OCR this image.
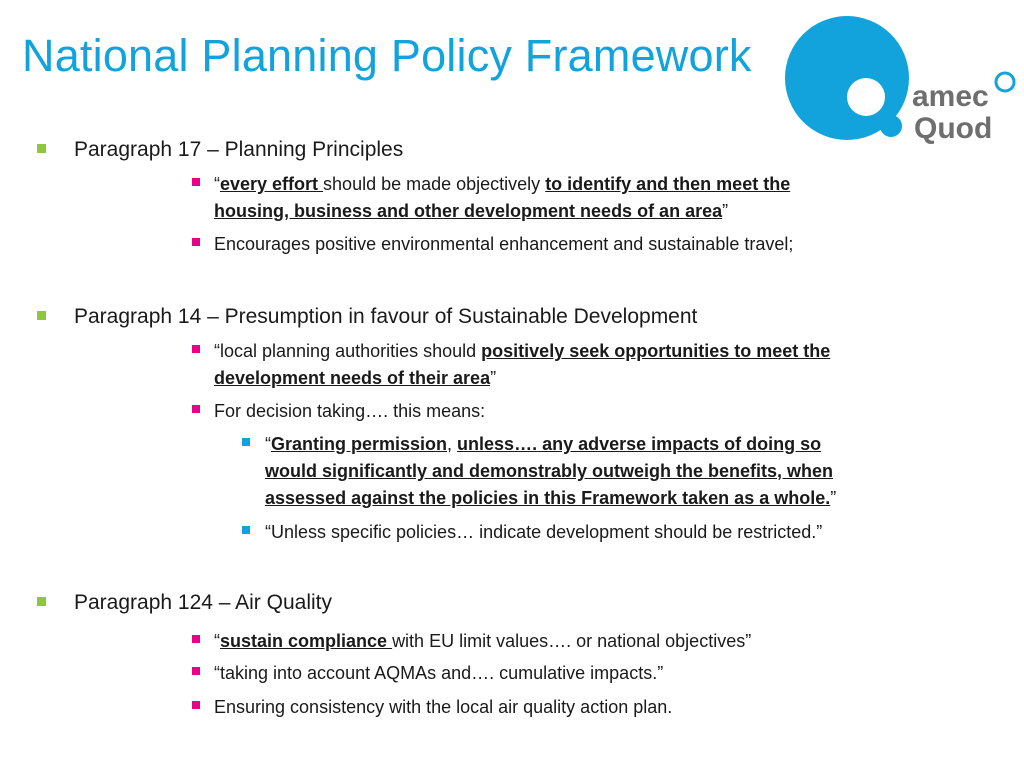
National Planning Policy Framework
amec
Quod
Paragraph 17 – Planning Principles
“every effort should be made objectively to identify and then meet the
housing, business and other development needs of an area”
Encourages positive environmental enhancement and sustainable travel;
Paragraph 14 – Presumption in favour of Sustainable Development
“local planning authorities should positively seek opportunities to meet the
development needs of their area”
For decision taking…. this means:
“Granting permission, unless…. any adverse impacts of doing so
would significantly and demonstrably outweigh the benefits, when
assessed against the policies in this Framework taken as a whole.”
“Unless specific policies… indicate development should be restricted.”
Paragraph 124 – Air Quality
“sustain compliance with EU limit values…. or national objectives”
“taking into account AQMAs and…. cumulative impacts.”
Ensuring consistency with the local air quality action plan.
